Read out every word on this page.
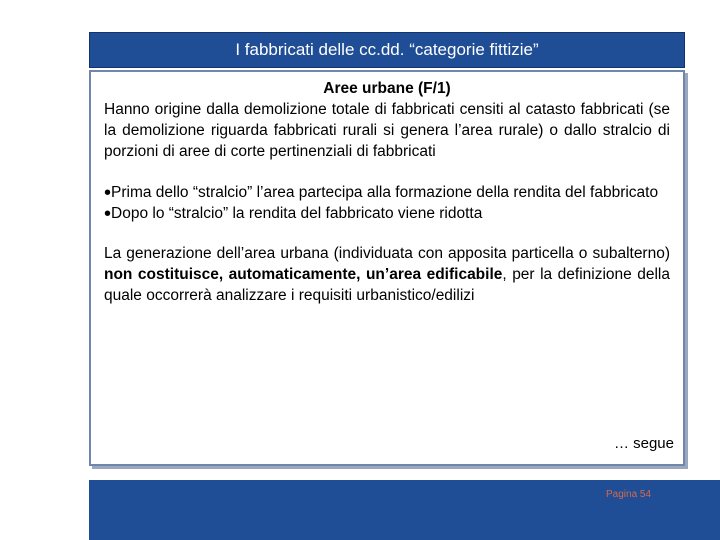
I fabbricati delle cc.dd. “categorie fittizie”
Aree urbane (F/1)

Hanno origine dalla demolizione totale di fabbricati censiti al catasto fabbricati (se la demolizione riguarda fabbricati rurali si genera l’area rurale) o dallo stralcio di porzioni di aree di corte pertinenziali di fabbricati

•Prima dello “stralcio” l’area partecipa alla formazione della rendita del fabbricato

•Dopo lo “stralcio” la rendita del fabbricato viene ridotta

La generazione dell’area urbana (individuata con apposita particella o subalterno) non costituisce, automaticamente, un’area edificabile, per la definizione della quale occorrerà analizzare i requisiti urbanistico/edilizi

… segue
Pagina 54
